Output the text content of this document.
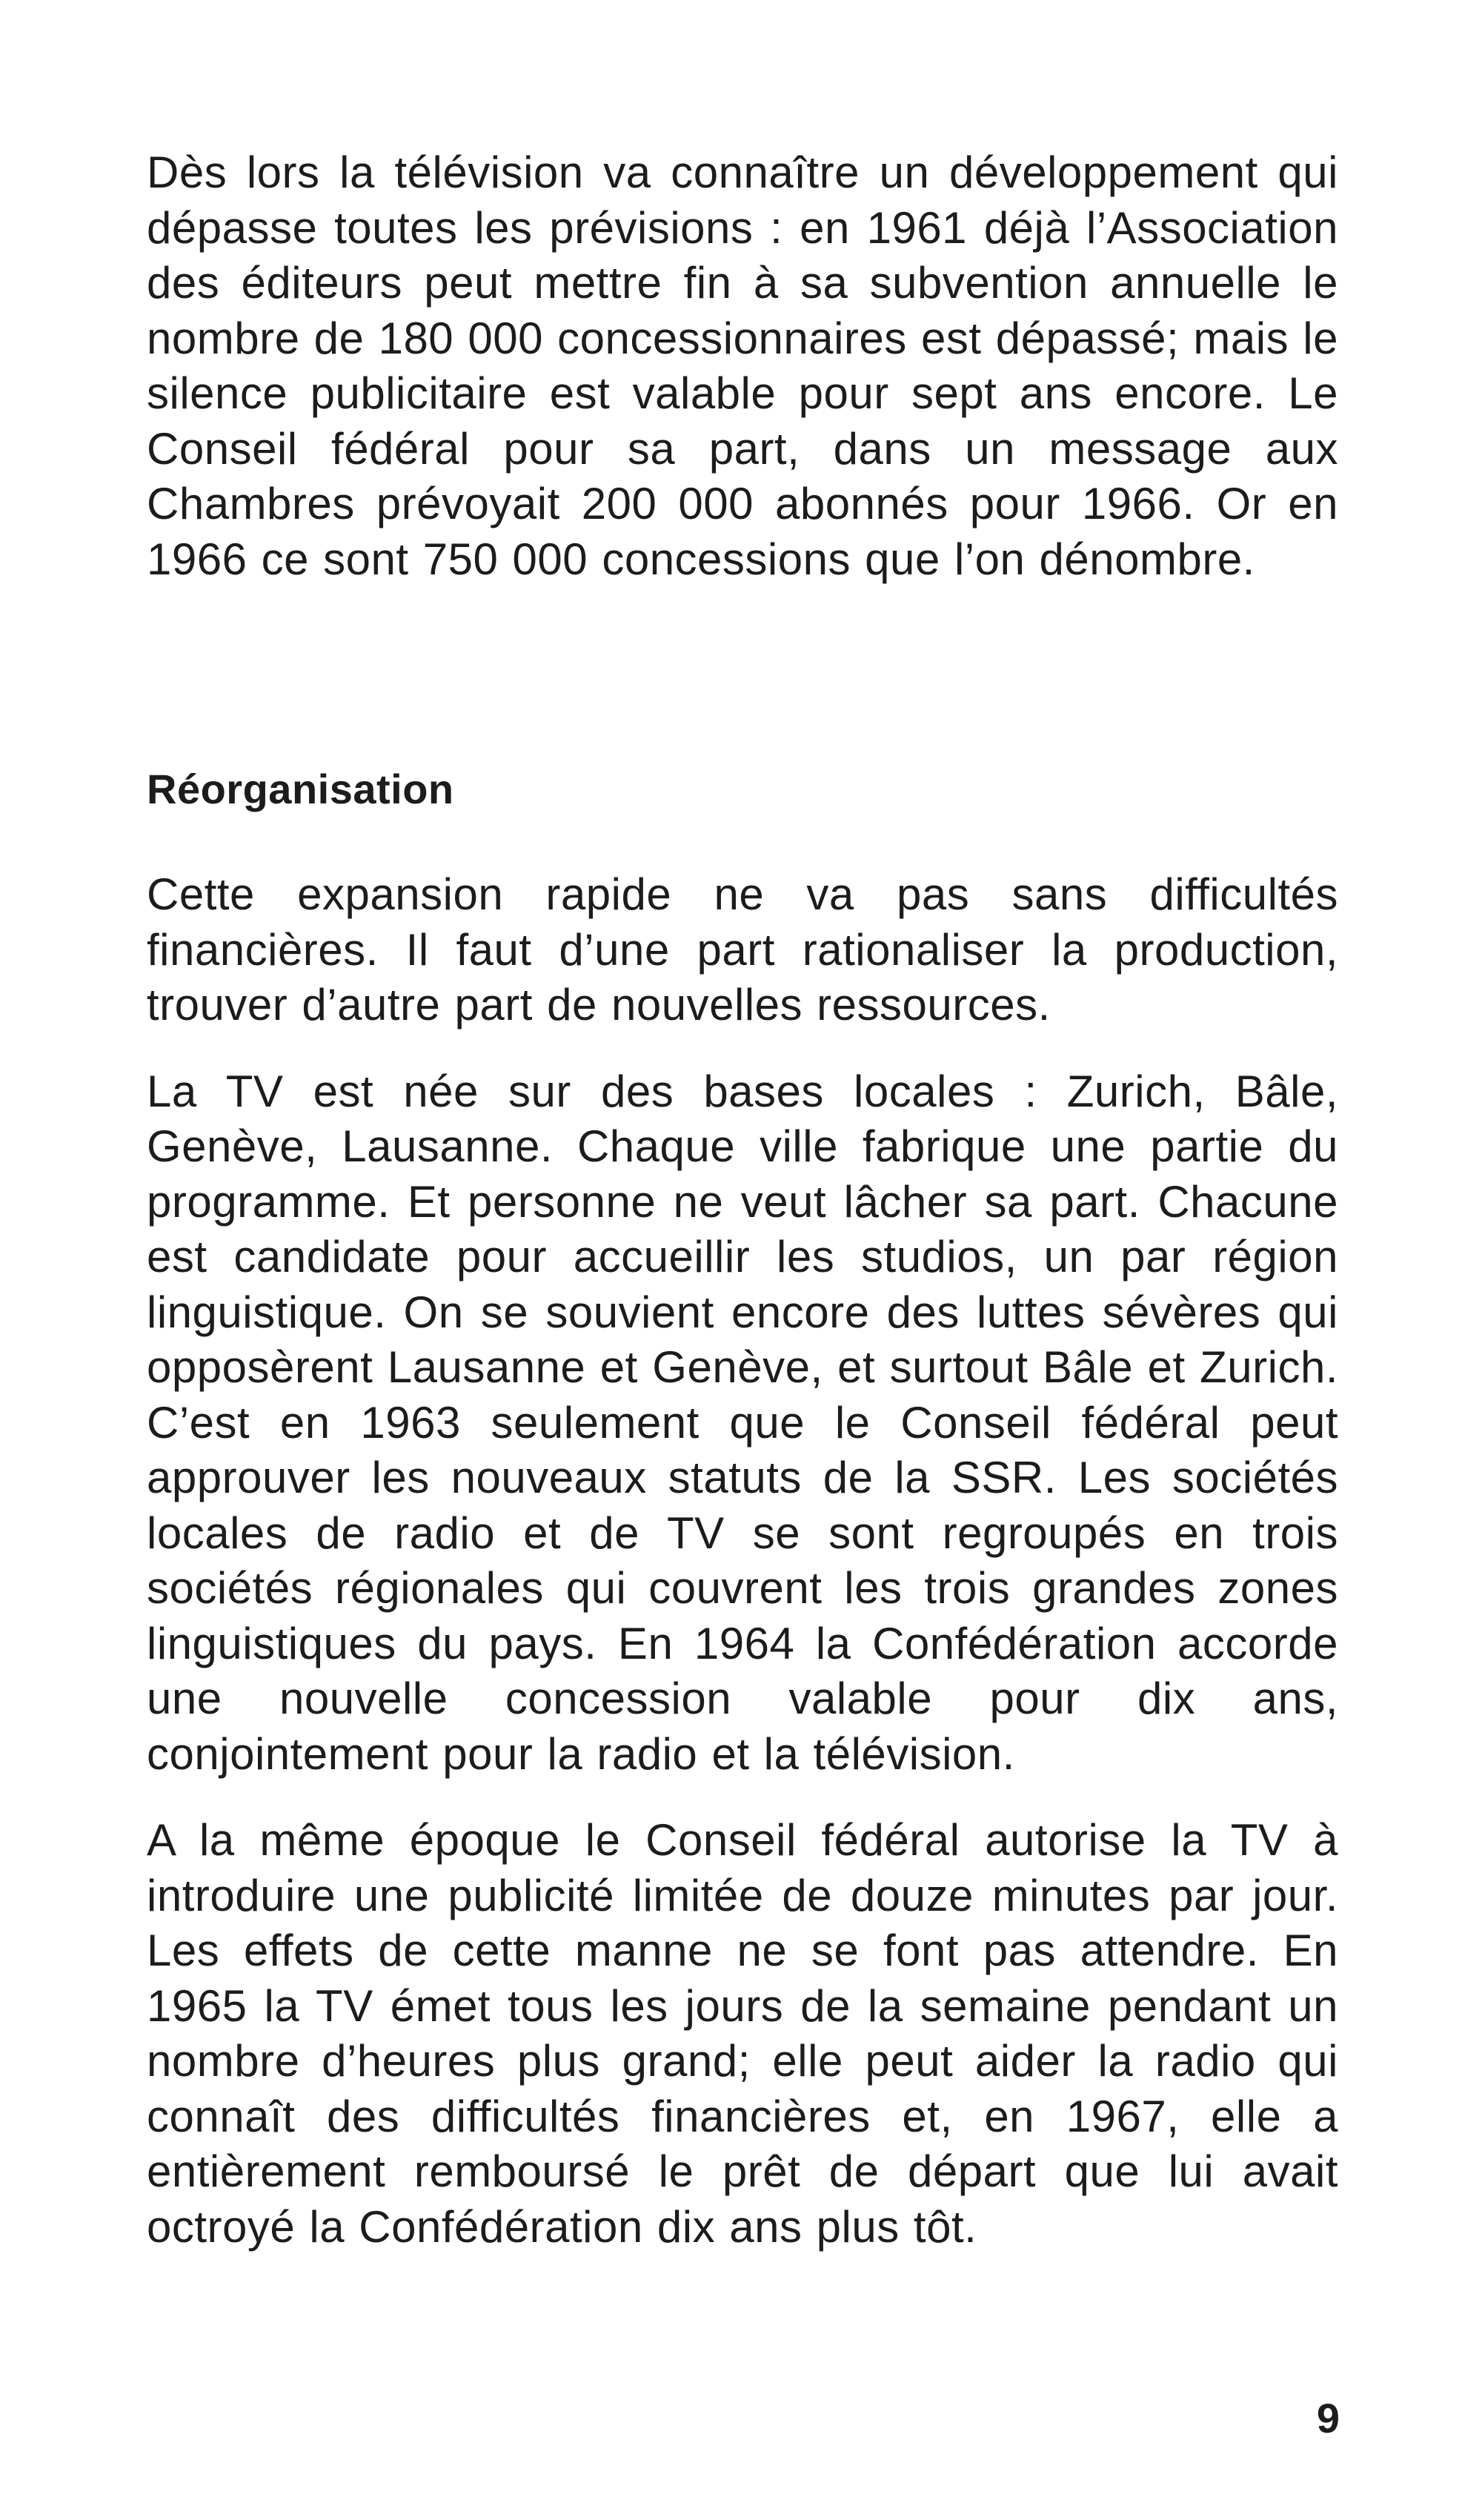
Dès lors la télévision va connaître un développement qui dépasse toutes les prévisions : en 1961 déjà l’Association des éditeurs peut mettre fin à sa subvention annuelle le nombre de 180 000 concessionnaires est dépassé; mais le silence publicitaire est valable pour sept ans encore. Le Conseil fédéral pour sa part, dans un message aux Chambres prévoyait 200 000 abonnés pour 1966. Or en 1966 ce sont 750 000 concessions que l’on dénombre.

Réorganisation

Cette expansion rapide ne va pas sans difficultés financières. Il faut d’une part rationaliser la production, trouver d’autre part de nouvelles ressources.

La TV est née sur des bases locales : Zurich, Bâle, Genève, Lausanne. Chaque ville fabrique une partie du programme. Et personne ne veut lâcher sa part. Chacune est candidate pour accueillir les studios, un par région linguistique. On se souvient encore des luttes sévères qui opposèrent Lausanne et Genève, et surtout Bâle et Zurich. C’est en 1963 seulement que le Conseil fédéral peut approuver les nouveaux statuts de la SSR. Les sociétés locales de radio et de TV se sont regroupés en trois sociétés régionales qui couvrent les trois grandes zones linguistiques du pays. En 1964 la Confédération accorde une nouvelle concession valable pour dix ans, conjointement pour la radio et la télévision.

A la même époque le Conseil fédéral autorise la TV à introduire une publicité limitée de douze minutes par jour. Les effets de cette manne ne se font pas attendre. En 1965 la TV émet tous les jours de la semaine pendant un nombre d’heures plus grand; elle peut aider la radio qui connaît des difficultés financières et, en 1967, elle a entièrement remboursé le prêt de départ que lui avait octroyé la Confédération dix ans plus tôt.

9
